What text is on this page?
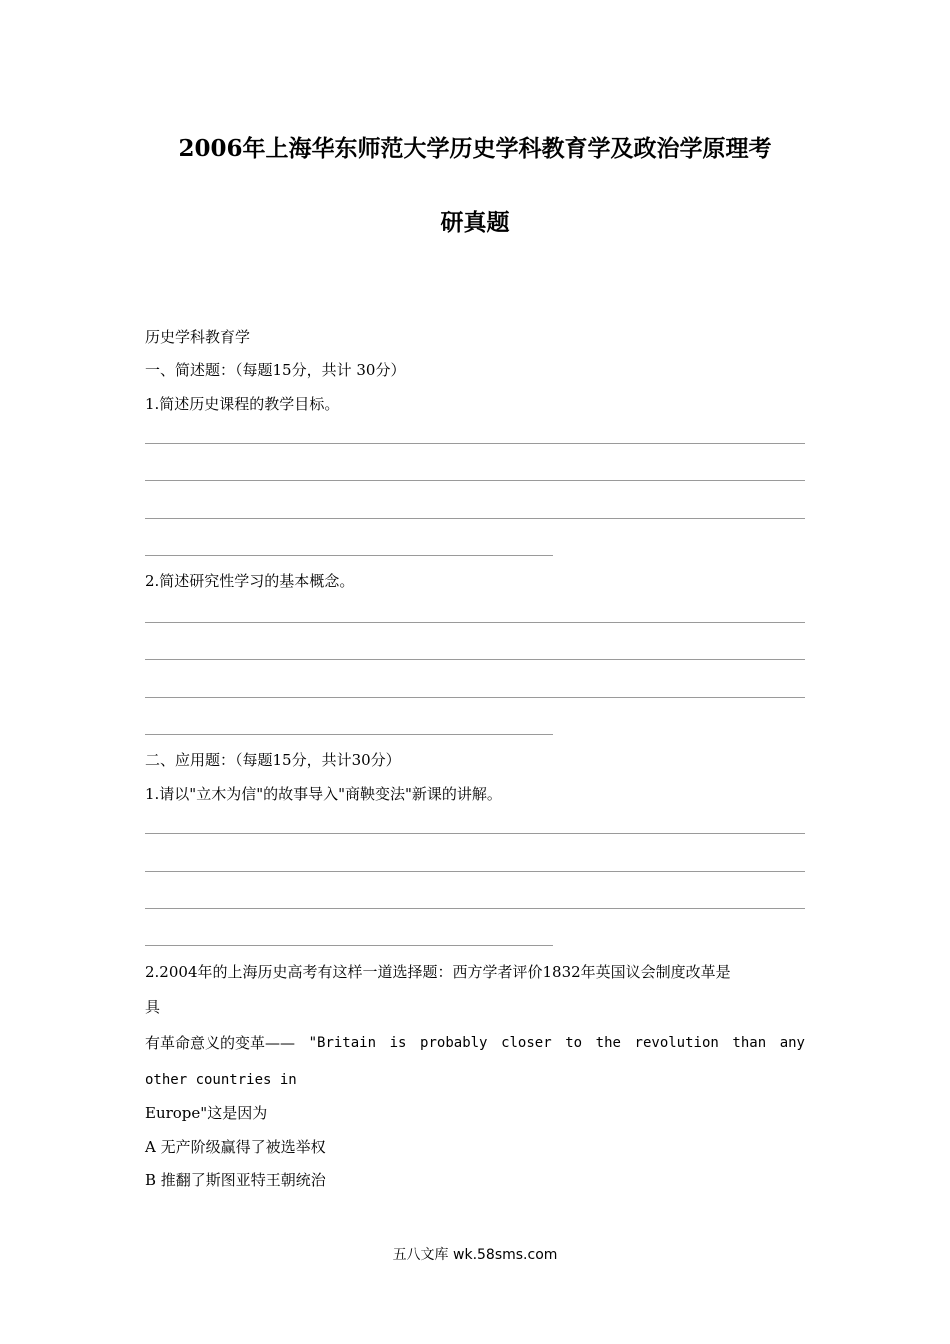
2006年上海华东师范大学历史学科教育学及政治学原理考
研真题
历史学科教育学
一、简述题：（每题15分，共计 30分）
1.简述历史课程的教学目标。
2.简述研究性学习的基本概念。
二、应用题：（每题15分，共计30分）
1.请以"立木为信"的故事导入"商鞅变法"新课的讲解。
2.2004年的上海历史高考有这样一道选择题：西方学者评价1832年英国议会制度改革是
具
有革命意义的变革—— "Britain is probably closer to the revolution than any
other countries in
Europe"这是因为
A 无产阶级赢得了被选举权
B 推翻了斯图亚特王朝统治
五八文库 wk.58sms.com
